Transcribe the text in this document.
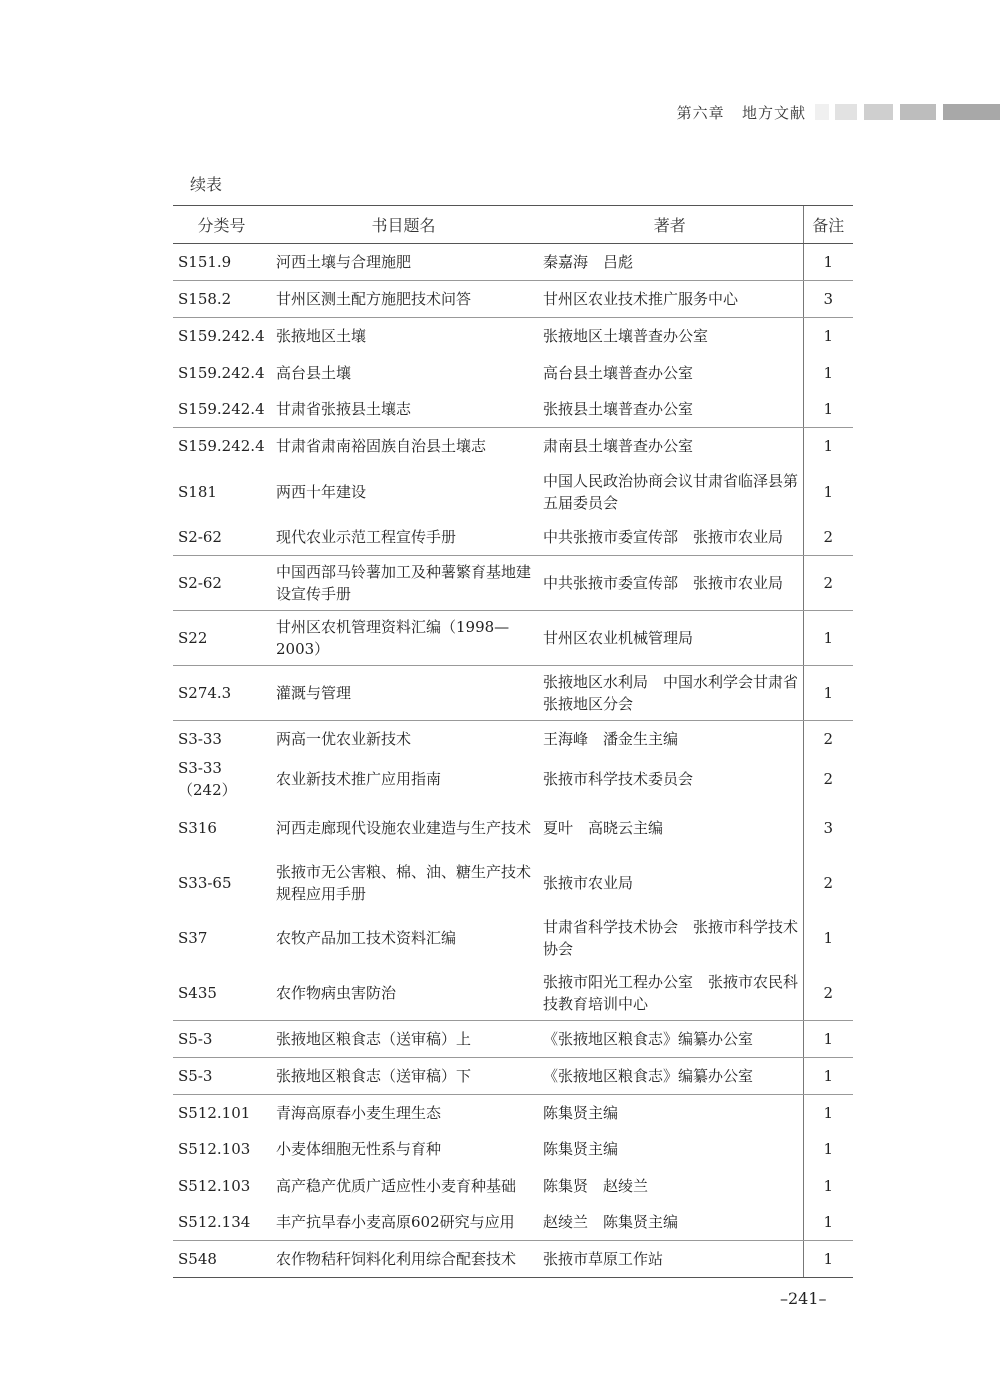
第六章 地方文献
续表
分类号	书目题名	著者	备注
S151.9	河西土壤与合理施肥	秦嘉海　吕彪	1
S158.2	甘州区测土配方施肥技术问答	甘州区农业技术推广服务中心	3
S159.242.4	张掖地区土壤	张掖地区土壤普查办公室	1
S159.242.4	高台县土壤	高台县土壤普查办公室	1
S159.242.4	甘肃省张掖县土壤志	张掖县土壤普查办公室	1
S159.242.4	甘肃省肃南裕固族自治县土壤志	肃南县土壤普查办公室	1
S181	两西十年建设	中国人民政治协商会议甘肃省临泽县第五届委员会	1
S2-62	现代农业示范工程宣传手册	中共张掖市委宣传部　张掖市农业局	2
S2-62	中国西部马铃薯加工及种薯繁育基地建设宣传手册	中共张掖市委宣传部　张掖市农业局	2
S22	甘州区农机管理资料汇编（1998—2003）	甘州区农业机械管理局	1
S274.3	灌溉与管理	张掖地区水利局　中国水利学会甘肃省张掖地区分会	1
S3-33	两高一优农业新技术	王海峰　潘金生主编	2
S3-33（242）	农业新技术推广应用指南	张掖市科学技术委员会	2
S316	河西走廊现代设施农业建造与生产技术	夏叶　高晓云主编	3
S33-65	张掖市无公害粮、棉、油、糖生产技术规程应用手册	张掖市农业局	2
S37	农牧产品加工技术资料汇编	甘肃省科学技术协会　张掖市科学技术协会	1
S435	农作物病虫害防治	张掖市阳光工程办公室　张掖市农民科技教育培训中心	2
S5-3	张掖地区粮食志（送审稿）上	《张掖地区粮食志》编纂办公室	1
S5-3	张掖地区粮食志（送审稿）下	《张掖地区粮食志》编纂办公室	1
S512.101	青海高原春小麦生理生态	陈集贤主编	1
S512.103	小麦体细胞无性系与育种	陈集贤主编	1
S512.103	高产稳产优质广适应性小麦育种基础	陈集贤　赵绫兰	1
S512.134	丰产抗旱春小麦高原602研究与应用	赵绫兰　陈集贤主编	1
S548	农作物秸秆饲料化利用综合配套技术	张掖市草原工作站	1
–241–
